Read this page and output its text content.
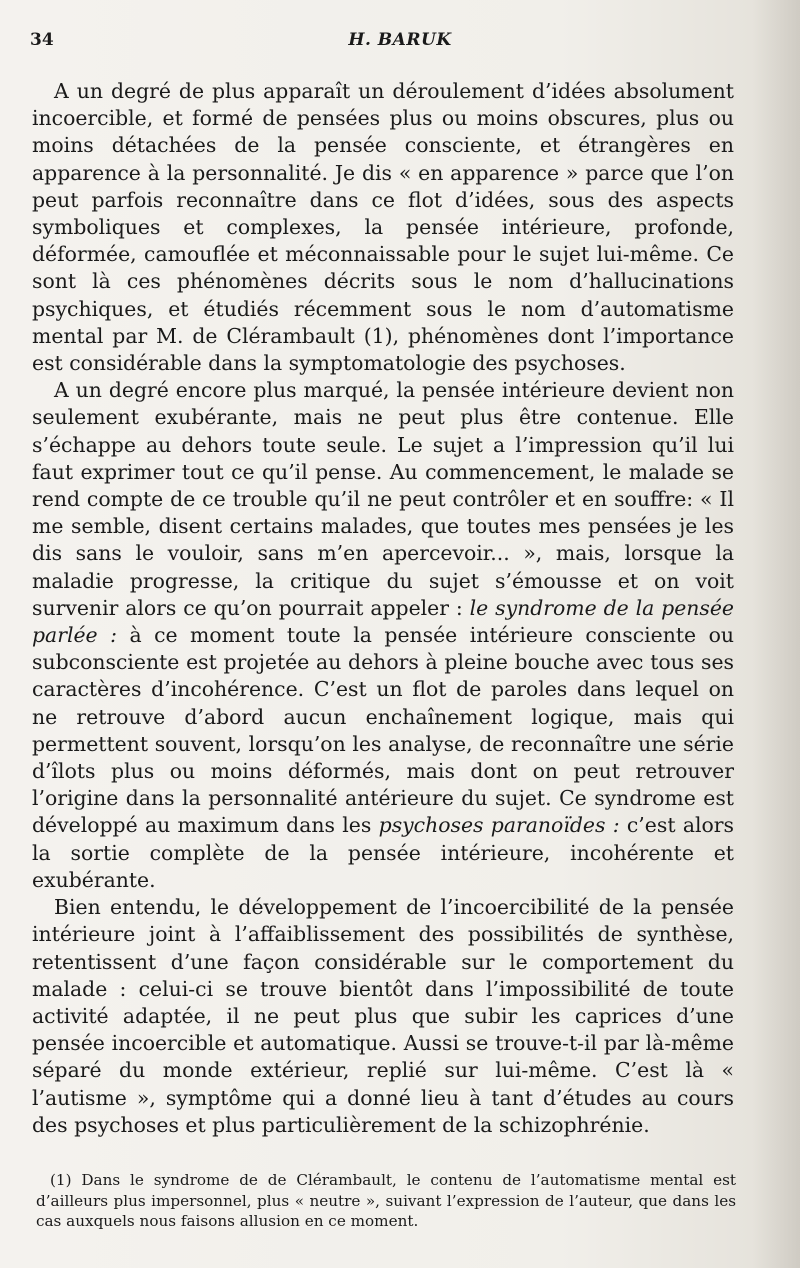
34	H. BARUK

A un degré de plus apparaît un déroulement d’idées absolument incoercible, et formé de pensées plus ou moins obscures, plus ou moins détachées de la pensée consciente, et étrangères en apparence à la personnalité. Je dis « en apparence » parce que l’on peut parfois reconnaître dans ce flot d’idées, sous des aspects symboliques et complexes, la pensée intérieure, profonde, déformée, camouflée et méconnaissable pour le sujet lui-même. Ce sont là ces phénomènes décrits sous le nom d’hallucinations psychiques, et étudiés récemment sous le nom d’automatisme mental par M. de Clérambault (1), phénomènes dont l’importance est considérable dans la symptomatologie des psychoses.

A un degré encore plus marqué, la pensée intérieure devient non seulement exubérante, mais ne peut plus être contenue. Elle s’échappe au dehors toute seule. Le sujet a l’impression qu’il lui faut exprimer tout ce qu’il pense. Au commencement, le malade se rend compte de ce trouble qu’il ne peut contrôler et en souffre: « Il me semble, disent certains malades, que toutes mes pensées je les dis sans le vouloir, sans m’en apercevoir... », mais, lorsque la maladie progresse, la critique du sujet s’émousse et on voit survenir alors ce qu’on pourrait appeler : le syndrome de la pensée parlée : à ce moment toute la pensée intérieure consciente ou subconsciente est projetée au dehors à pleine bouche avec tous ses caractères d’incohérence. C’est un flot de paroles dans lequel on ne retrouve d’abord aucun enchaînement logique, mais qui permettent souvent, lorsqu’on les analyse, de reconnaître une série d’îlots plus ou moins déformés, mais dont on peut retrouver l’origine dans la personnalité antérieure du sujet. Ce syndrome est développé au maximum dans les psychoses paranoïdes : c’est alors la sortie complète de la pensée intérieure, incohérente et exubérante.

Bien entendu, le développement de l’incoercibilité de la pensée intérieure joint à l’affaiblissement des possibilités de synthèse, retentissent d’une façon considérable sur le comportement du malade : celui-ci se trouve bientôt dans l’impossibilité de toute activité adaptée, il ne peut plus que subir les caprices d’une pensée incoercible et automatique. Aussi se trouve-t-il par là-même séparé du monde extérieur, replié sur lui-même. C’est là « l’autisme », symptôme qui a donné lieu à tant d’études au cours des psychoses et plus particulièrement de la schizophrénie.

(1) Dans le syndrome de de Clérambault, le contenu de l’automatisme mental est d’ailleurs plus impersonnel, plus « neutre », suivant l’expression de l’auteur, que dans les cas auxquels nous faisons allusion en ce moment.
